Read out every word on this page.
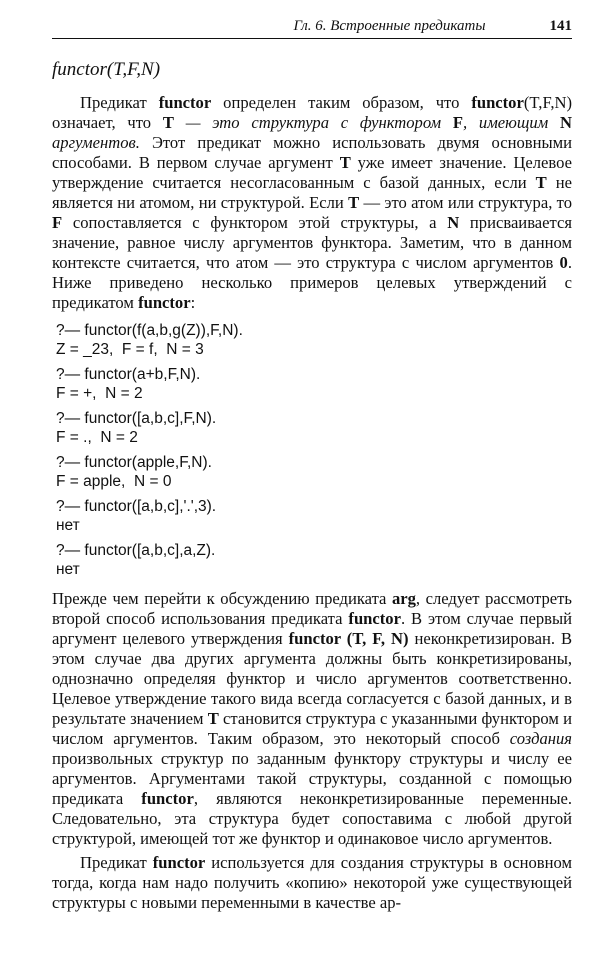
Гл. 6. Встроенные предикаты	141
functor(T,F,N)

Предикат functor определен таким образом, что functor(T,F,N) означает, что T — это структура с функтором F, имеющим N аргументов. Этот предикат можно использовать двумя основными способами. В первом случае аргумент T уже имеет значение. Целевое утверждение считается несогласованным с базой данных, если T не является ни атомом, ни структурой. Если T — это атом или структура, то F сопоставляется с функтором этой структуры, а N присваивается значение, равное числу аргументов функтора. Заметим, что в данном контексте считается, что атом — это структура с числом аргументов 0. Ниже приведено несколько примеров целевых утверждений с предикатом functor:

?— functor(f(a,b,g(Z)),F,N).
Z = _23,  F = f,  N = 3
?— functor(a+b,F,N).
F = +,  N = 2
?— functor([a,b,c],F,N).
F = .,  N = 2
?— functor(apple,F,N).
F = apple,  N = 0
?— functor([a,b,c],'.',3).
нет
?— functor([a,b,c],a,Z).
нет

Прежде чем перейти к обсуждению предиката arg, следует рассмотреть второй способ использования предиката functor. В этом случае первый аргумент целевого утверждения functor (T, F, N) неконкретизирован. В этом случае два других аргумента должны быть конкретизированы, однозначно определяя функтор и число аргументов соответственно. Целевое утверждение такого вида всегда согласуется с базой данных, и в результате значением T становится структура с указанными функтором и числом аргументов. Таким образом, это некоторый способ создания произвольных структур по заданным функтору структуры и числу ее аргументов. Аргументами такой структуры, созданной с помощью предиката functor, являются неконкретизированные переменные. Следовательно, эта структура будет сопоставима с любой другой структурой, имеющей тот же функтор и одинаковое число аргументов.

Предикат functor используется для создания структуры в основном тогда, когда нам надо получить «копию» некоторой уже существующей структуры с новыми переменными в качестве ар-
